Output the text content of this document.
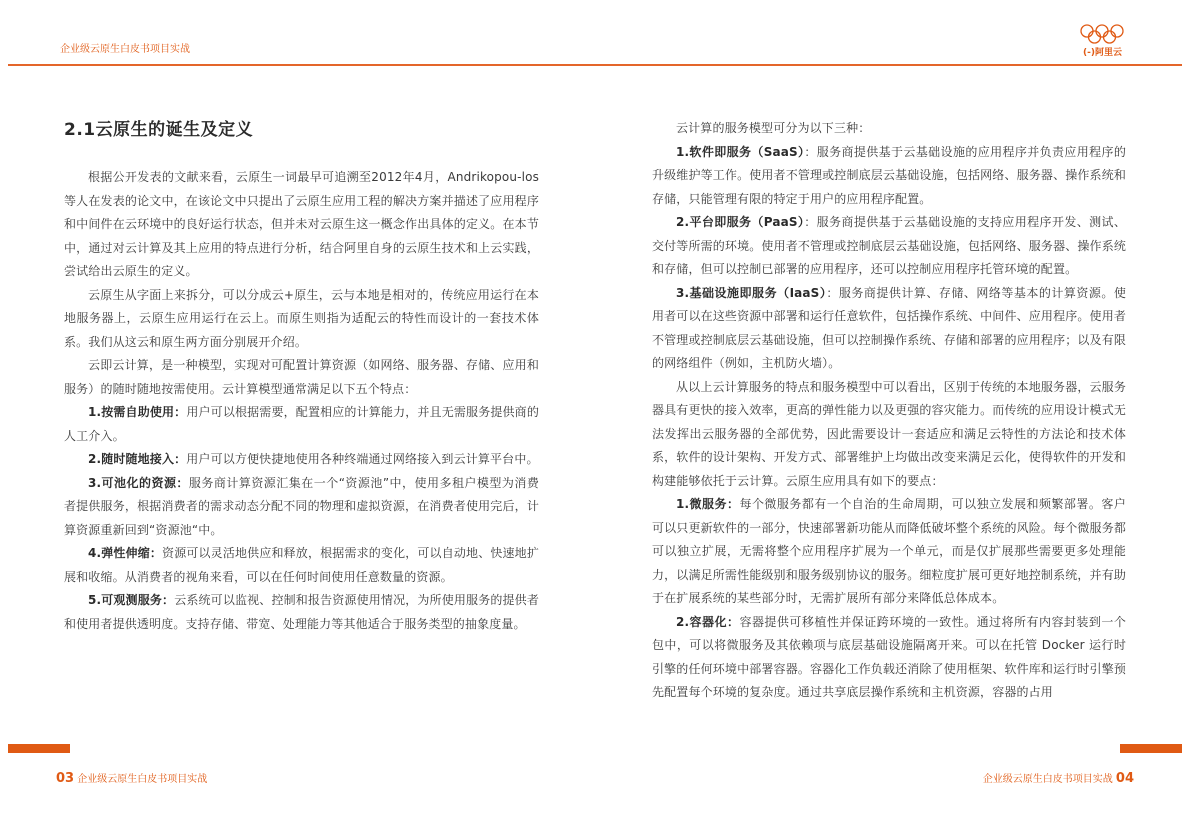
企业级云原生白皮书项目实战	(-)阿里云
2.1云原生的诞生及定义

根据公开发表的文献来看，云原生一词最早可追溯至2012年4月，Andrikopou-los 等人在发表的论文中，在该论文中只提出了云原生应用工程的解决方案并描述了应用程序和中间件在云环境中的良好运行状态，但并未对云原生这一概念作出具体的定义。在本节中，通过对云计算及其上应用的特点进行分析，结合阿里自身的云原生技术和上云实践，尝试给出云原生的定义。

云原生从字面上来拆分，可以分成云+原生，云与本地是相对的，传统应用运行在本地服务器上，云原生应用运行在云上。而原生则指为适配云的特性而设计的一套技术体系。我们从这云和原生两方面分别展开介绍。

云即云计算，是一种模型，实现对可配置计算资源（如网络、服务器、存储、应用和服务）的随时随地按需使用。云计算模型通常满足以下五个特点：

1.按需自助使用：用户可以根据需要，配置相应的计算能力，并且无需服务提供商的人工介入。

2.随时随地接入：用户可以方便快捷地使用各种终端通过网络接入到云计算平台中。

3.可池化的资源：服务商计算资源汇集在一个“资源池”中，使用多租户模型为消费者提供服务，根据消费者的需求动态分配不同的物理和虚拟资源，在消费者使用完后，计算资源重新回到“资源池“中。

4.弹性伸缩：资源可以灵活地供应和释放，根据需求的变化，可以自动地、快速地扩展和收缩。从消费者的视角来看，可以在任何时间使用任意数量的资源。

5.可观测服务：云系统可以监视、控制和报告资源使用情况，为所使用服务的提供者和使用者提供透明度。支持存储、带宽、处理能力等其他适合于服务类型的抽象度量。

云计算的服务模型可分为以下三种：

1.软件即服务（SaaS）：服务商提供基于云基础设施的应用程序并负责应用程序的升级维护等工作。使用者不管理或控制底层云基础设施，包括网络、服务器、操作系统和存储，只能管理有限的特定于用户的应用程序配置。

2.平台即服务（PaaS）：服务商提供基于云基础设施的支持应用程序开发、测试、交付等所需的环境。使用者不管理或控制底层云基础设施，包括网络、服务器、操作系统和存储，但可以控制已部署的应用程序，还可以控制应用程序托管环境的配置。

3.基础设施即服务（IaaS）：服务商提供计算、存储、网络等基本的计算资源。使用者可以在这些资源中部署和运行任意软件，包括操作系统、中间件、应用程序。使用者不管理或控制底层云基础设施，但可以控制操作系统、存储和部署的应用程序；以及有限的网络组件（例如，主机防火墙）。

从以上云计算服务的特点和服务模型中可以看出，区别于传统的本地服务器，云服务器具有更快的接入效率，更高的弹性能力以及更强的容灾能力。而传统的应用设计模式无法发挥出云服务器的全部优势，因此需要设计一套适应和满足云特性的方法论和技术体系，软件的设计架构、开发方式、部署维护上均做出改变来满足云化，使得软件的开发和构建能够依托于云计算。云原生应用具有如下的要点：

1.微服务：每个微服务都有一个自治的生命周期，可以独立发展和频繁部署。客户可以只更新软件的一部分，快速部署新功能从而降低破坏整个系统的风险。每个微服务都可以独立扩展，无需将整个应用程序扩展为一个单元，而是仅扩展那些需要更多处理能力，以满足所需性能级别和服务级别协议的服务。细粒度扩展可更好地控制系统，并有助于在扩展系统的某些部分时，无需扩展所有部分来降低总体成本。

2.容器化：容器提供可移植性并保证跨环境的一致性。通过将所有内容封装到一个包中，可以将微服务及其依赖项与底层基础设施隔离开来。可以在托管 Docker 运行时引擎的任何环境中部署容器。容器化工作负载还消除了使用框架、软件库和运行时引擎预先配置每个环境的复杂度。通过共享底层操作系统和主机资源，容器的占用

03 企业级云原生白皮书项目实战	企业级云原生白皮书项目实战 04
